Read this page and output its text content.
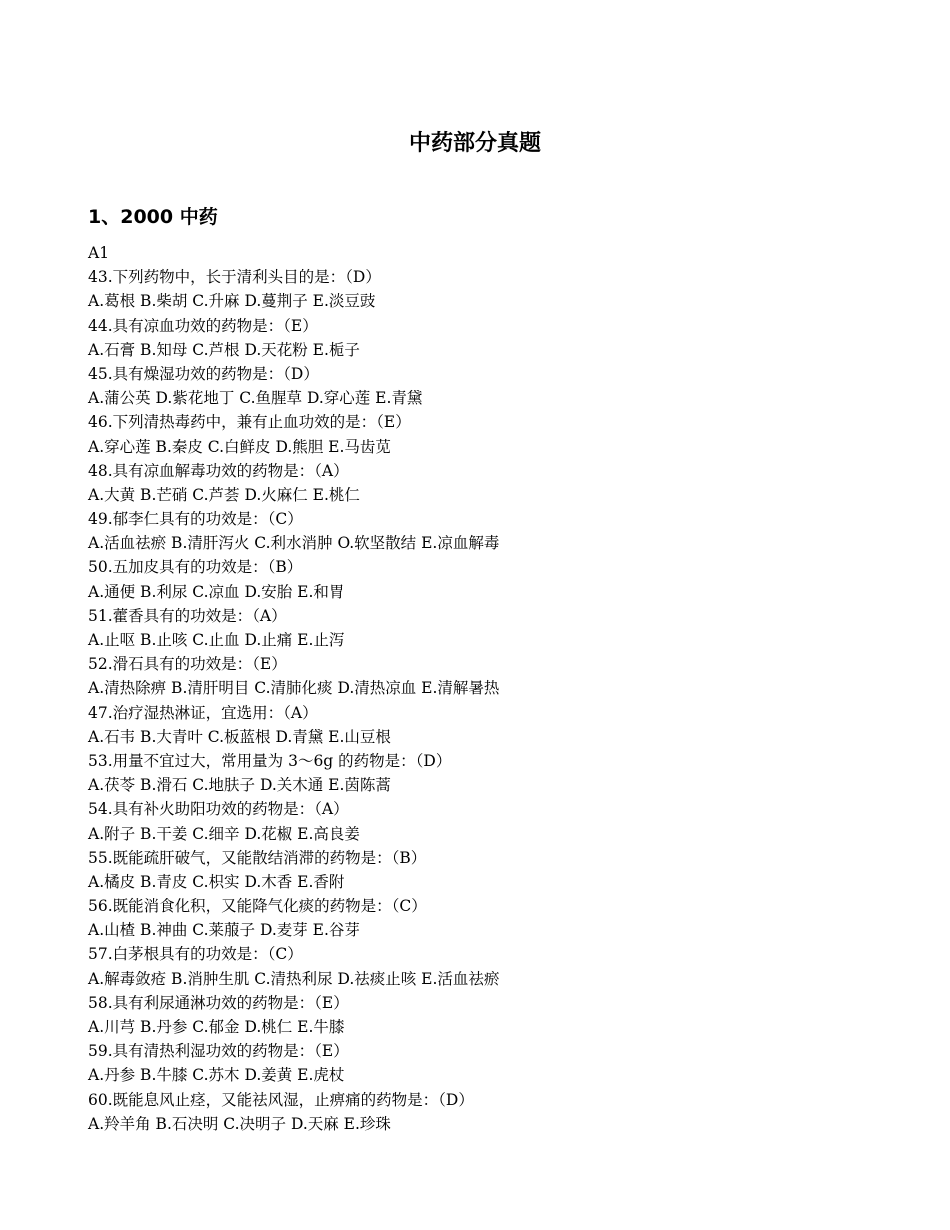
中药部分真题
1、2000 中药
A1
43.下列药物中，长于清利头目的是：（D）
A.葛根 B.柴胡 C.升麻 D.蔓荆子 E.淡豆豉
44.具有凉血功效的药物是：（E）
A.石膏 B.知母 C.芦根 D.天花粉 E.栀子
45.具有燥湿功效的药物是：（D）
A.蒲公英 D.紫花地丁 C.鱼腥草 D.穿心莲 E.青黛
46.下列清热毒药中，兼有止血功效的是：（E）
A.穿心莲 B.秦皮 C.白鲜皮 D.熊胆 E.马齿苋
48.具有凉血解毒功效的药物是：（A）
A.大黄 B.芒硝 C.芦荟 D.火麻仁 E.桃仁
49.郁李仁具有的功效是：（C）
A.活血祛瘀 B.清肝泻火 C.利水消肿 O.软坚散结 E.凉血解毒
50.五加皮具有的功效是：（B）
A.通便 B.利尿 C.凉血 D.安胎 E.和胃
51.藿香具有的功效是：（A）
A.止呕 B.止咳 C.止血 D.止痛 E.止泻
52.滑石具有的功效是：（E）
A.清热除痹 B.清肝明目 C.清肺化痰 D.清热凉血 E.清解暑热
47.治疗湿热淋证，宜选用：（A）
A.石韦 B.大青叶 C.板蓝根 D.青黛 E.山豆根
53.用量不宜过大，常用量为 3～6g 的药物是：（D）
A.茯苓 B.滑石 C.地肤子 D.关木通 E.茵陈蒿
54.具有补火助阳功效的药物是：（A）
A.附子 B.干姜 C.细辛 D.花椒 E.高良姜
55.既能疏肝破气，又能散结消滞的药物是：（B）
A.橘皮 B.青皮 C.枳实 D.木香 E.香附
56.既能消食化积，又能降气化痰的药物是：（C）
A.山楂 B.神曲 C.莱菔子 D.麦芽 E.谷芽
57.白茅根具有的功效是：（C）
A.解毒敛疮 B.消肿生肌 C.清热利尿 D.祛痰止咳 E.活血祛瘀
58.具有利尿通淋功效的药物是：（E）
A.川芎 B.丹参 C.郁金 D.桃仁 E.牛膝
59.具有清热利湿功效的药物是：（E）
A.丹参 B.牛膝 C.苏木 D.姜黄 E.虎杖
60.既能息风止痉，又能祛风湿，止痹痛的药物是：（D）
A.羚羊角 B.石决明 C.决明子 D.天麻 E.珍珠
